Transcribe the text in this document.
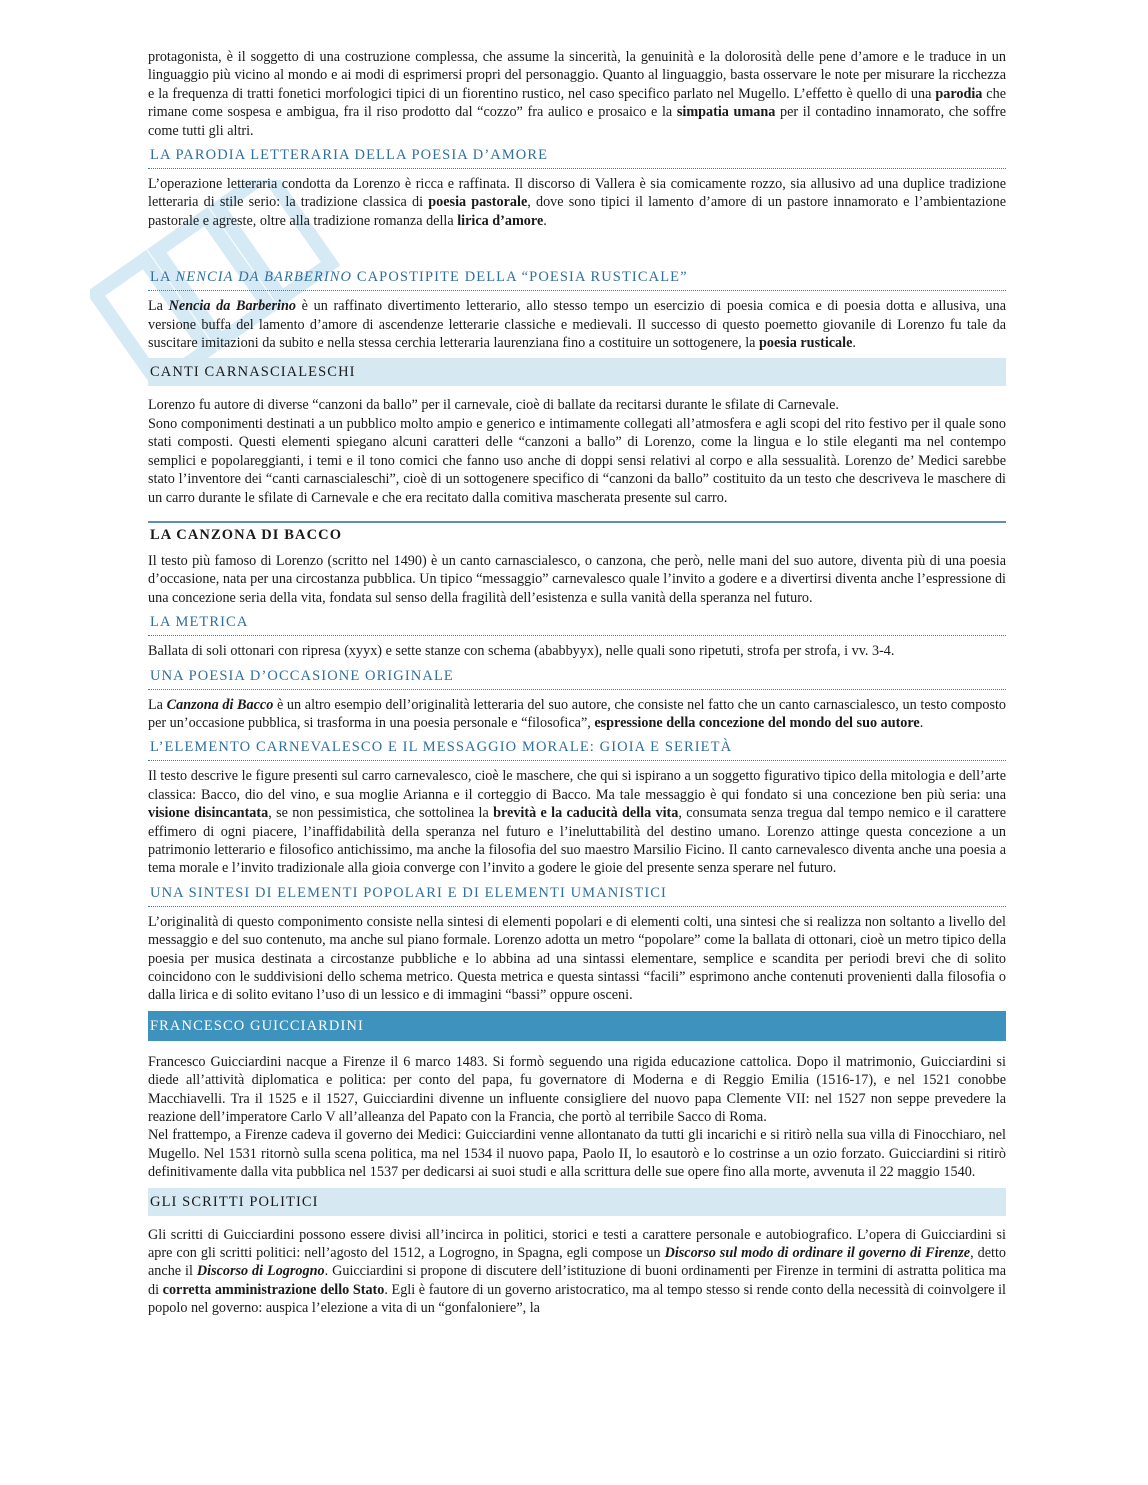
protagonista, è il soggetto di una costruzione complessa, che assume la sincerità, la genuinità e la dolorosità delle pene d’amore e le traduce in un linguaggio più vicino al mondo e ai modi di esprimersi propri del personaggio. Quanto al linguaggio, basta osservare le note per misurare la ricchezza e la frequenza di tratti fonetici morfologici tipici di un fiorentino rustico, nel caso specifico parlato nel Mugello. L’effetto è quello di una parodia che rimane come sospesa e ambigua, fra il riso prodotto dal “cozzo” fra aulico e prosaico e la simpatia umana per il contadino innamorato, che soffre come tutti gli altri.

LA PARODIA LETTERARIA DELLA POESIA D’AMORE

L’operazione letteraria condotta da Lorenzo è ricca e raffinata. Il discorso di Vallera è sia comicamente rozzo, sia allusivo ad una duplice tradizione letteraria di stile serio: la tradizione classica di poesia pastorale, dove sono tipici il lamento d’amore di un pastore innamorato e l’ambientazione pastorale e agreste, oltre alla tradizione romanza della lirica d’amore.

LA NENCIA DA BARBERINO CAPOSTIPITE DELLA “POESIA RUSTICALE”

La Nencia da Barberino è un raffinato divertimento letterario, allo stesso tempo un esercizio di poesia comica e di poesia dotta e allusiva, una versione buffa del lamento d’amore di ascendenze letterarie classiche e medievali. Il successo di questo poemetto giovanile di Lorenzo fu tale da suscitare imitazioni da subito e nella stessa cerchia letteraria laurenziana fino a costituire un sottogenere, la poesia rusticale.

CANTI CARNASCIALESCHI

Lorenzo fu autore di diverse “canzoni da ballo” per il carnevale, cioè di ballate da recitarsi durante le sfilate di Carnevale.

Sono componimenti destinati a un pubblico molto ampio e generico e intimamente collegati all’atmosfera e agli scopi del rito festivo per il quale sono stati composti. Questi elementi spiegano alcuni caratteri delle “canzoni a ballo” di Lorenzo, come la lingua e lo stile eleganti ma nel contempo semplici e popolareggianti, i temi e il tono comici che fanno uso anche di doppi sensi relativi al corpo e alla sessualità. Lorenzo de’ Medici sarebbe stato l’inventore dei “canti carnascialeschi”, cioè di un sottogenere specifico di “canzoni da ballo” costituito da un testo che descriveva le maschere di un carro durante le sfilate di Carnevale e che era recitato dalla comitiva mascherata presente sul carro.

LA CANZONA DI BACCO

Il testo più famoso di Lorenzo (scritto nel 1490) è un canto carnascialesco, o canzona, che però, nelle mani del suo autore, diventa più di una poesia d’occasione, nata per una circostanza pubblica. Un tipico “messaggio” carnevalesco quale l’invito a godere e a divertirsi diventa anche l’espressione di una concezione seria della vita, fondata sul senso della fragilità dell’esistenza e sulla vanità della speranza nel futuro.

LA METRICA

Ballata di soli ottonari con ripresa (xyyx) e sette stanze con schema (ababbyyx), nelle quali sono ripetuti, strofa per strofa, i vv. 3-4.

UNA POESIA D’OCCASIONE ORIGINALE

La Canzona di Bacco è un altro esempio dell’originalità letteraria del suo autore, che consiste nel fatto che un canto carnascialesco, un testo composto per un’occasione pubblica, si trasforma in una poesia personale e “filosofica”, espressione della concezione del mondo del suo autore.

L’ELEMENTO CARNEVALESCO E IL MESSAGGIO MORALE: GIOIA E SERIETÀ

Il testo descrive le figure presenti sul carro carnevalesco, cioè le maschere, che qui si ispirano a un soggetto figurativo tipico della mitologia e dell’arte classica: Bacco, dio del vino, e sua moglie Arianna e il corteggio di Bacco. Ma tale messaggio è qui fondato si una concezione ben più seria: una visione disincantata, se non pessimistica, che sottolinea la brevità e la caducità della vita, consumata senza tregua dal tempo nemico e il carattere effimero di ogni piacere, l’inaffidabilità della speranza nel futuro e l’ineluttabilità del destino umano. Lorenzo attinge questa concezione a un patrimonio letterario e filosofico antichissimo, ma anche la filosofia del suo maestro Marsilio Ficino. Il canto carnevalesco diventa anche una poesia a tema morale e l’invito tradizionale alla gioia converge con l’invito a godere le gioie del presente senza sperare nel futuro.

UNA SINTESI DI ELEMENTI POPOLARI E DI ELEMENTI UMANISTICI

L’originalità di questo componimento consiste nella sintesi di elementi popolari e di elementi colti, una sintesi che si realizza non soltanto a livello del messaggio e del suo contenuto, ma anche sul piano formale. Lorenzo adotta un metro “popolare” come la ballata di ottonari, cioè un metro tipico della poesia per musica destinata a circostanze pubbliche e lo abbina ad una sintassi elementare, semplice e scandita per periodi brevi che di solito coincidono con le suddivisioni dello schema metrico. Questa metrica e questa sintassi “facili” esprimono anche contenuti provenienti dalla filosofia o dalla lirica e di solito evitano l’uso di un lessico e di immagini “bassi” oppure osceni.

FRANCESCO GUICCIARDINI

Francesco Guicciardini nacque a Firenze il 6 marco 1483. Si formò seguendo una rigida educazione cattolica. Dopo il matrimonio, Guicciardini si diede all’attività diplomatica e politica: per conto del papa, fu governatore di Moderna e di Reggio Emilia (1516-17), e nel 1521 conobbe Macchiavelli. Tra il 1525 e il 1527, Guicciardini divenne un influente consigliere del nuovo papa Clemente VII: nel 1527 non seppe prevedere la reazione dell’imperatore Carlo V all’alleanza del Papato con la Francia, che portò al terribile Sacco di Roma.

Nel frattempo, a Firenze cadeva il governo dei Medici: Guicciardini venne allontanato da tutti gli incarichi e si ritirò nella sua villa di Finocchiaro, nel Mugello. Nel 1531 ritornò sulla scena politica, ma nel 1534 il nuovo papa, Paolo II, lo esautorò e lo costrinse a un ozio forzato. Guicciardini si ritirò definitivamente dalla vita pubblica nel 1537 per dedicarsi ai suoi studi e alla scrittura delle sue opere fino alla morte, avvenuta il 22 maggio 1540.

GLI SCRITTI POLITICI

Gli scritti di Guicciardini possono essere divisi all’incirca in politici, storici e testi a carattere personale e autobiografico. L’opera di Guicciardini si apre con gli scritti politici: nell’agosto del 1512, a Logrogno, in Spagna, egli compose un Discorso sul modo di ordinare il governo di Firenze, detto anche il Discorso di Logrogno. Guicciardini si propone di discutere dell’istituzione di buoni ordinamenti per Firenze in termini di astratta politica ma di corretta amministrazione dello Stato. Egli è fautore di un governo aristocratico, ma al tempo stesso si rende conto della necessità di coinvolgere il popolo nel governo: auspica l’elezione a vita di un “gonfaloniere”, la
